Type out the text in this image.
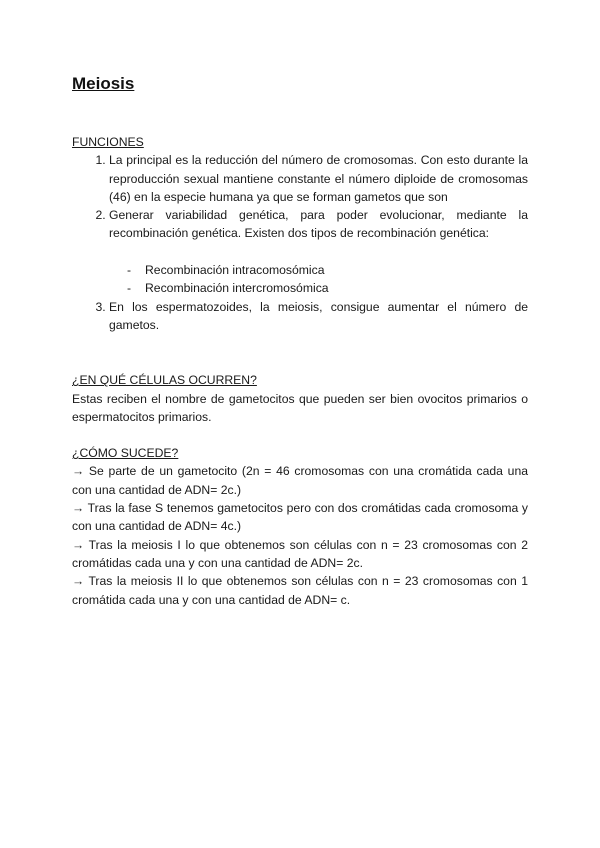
Meiosis
FUNCIONES
1. La principal es la reducción del número de cromosomas. Con esto durante la reproducción sexual mantiene constante el número diploide de cromosomas (46) en la especie humana ya que se forman gametos que son
2. Generar variabilidad genética, para poder evolucionar, mediante la recombinación genética. Existen dos tipos de recombinación genética:
- Recombinación intracomosómica
- Recombinación intercromosómica
3. En los espermatozoides, la meiosis, consigue aumentar el número de gametos.
¿EN QUÉ CÉLULAS OCURREN?

Estas reciben el nombre de gametocitos que pueden ser bien ovocitos primarios o espermatocitos primarios.

¿CÓMO SUCEDE?

→ Se parte de un gametocito (2n = 46 cromosomas con una cromátida cada una con una cantidad de ADN= 2c.)

→ Tras la fase S tenemos gametocitos pero con dos cromátidas cada cromosoma y con una cantidad de ADN= 4c.)

→ Tras la meiosis I lo que obtenemos son células con n = 23 cromosomas con 2 cromátidas cada una y con una cantidad de ADN= 2c.

→ Tras la meiosis II lo que obtenemos son células con n = 23 cromosomas con 1 cromátida cada una y con una cantidad de ADN= c.
